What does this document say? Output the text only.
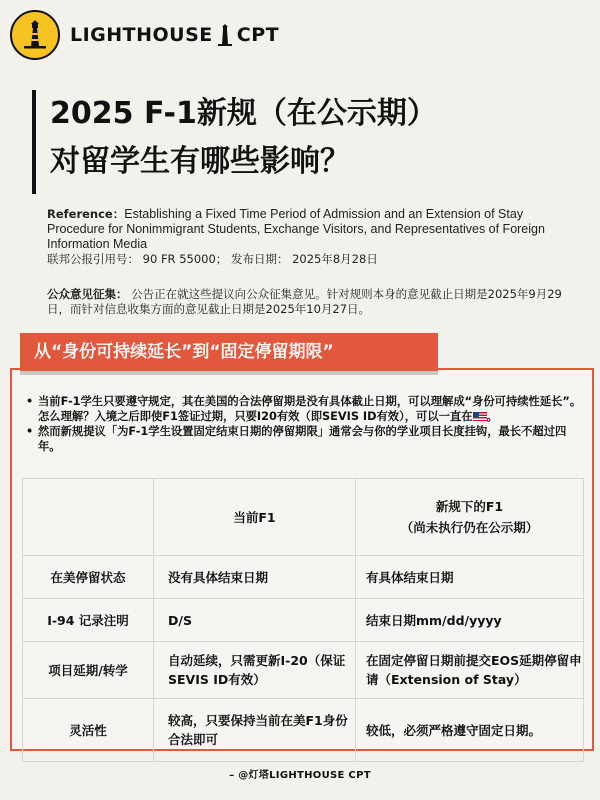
LIGHTHOUSE CPT
2025 F-1新规（在公示期）
对留学生有哪些影响？
Reference：Establishing a Fixed Time Period of Admission and an Extension of Stay Procedure for Nonimmigrant Students, Exchange Visitors, and Representatives of Foreign Information Media
联邦公报引用号： 90 FR 55000； 发布日期： 2025年8月28日
公众意见征集： 公告正在就这些提议向公众征集意见。针对规则本身的意见截止日期是2025年9月29日，而针对信息收集方面的意见截止日期是2025年10月27日。
• 当前F-1学生只要遵守规定，其在美国的合法停留期是没有具体截止日期，可以理解成“身份可持续性延长”。怎么理解？入境之后即使F1签证过期，只要I20有效（即SEVIS ID有效），可以一直在 。
• 然而新规提议「为F-1学生设置固定结束日期的停留期限」通常会与你的学业项目长度挂钩，最长不超过四年。
	当前F1	新规下的F1
（尚未执行仍在公示期）

在美停留状态	没有具体结束日期	有具体结束日期
I-94 记录注明	D/S	结束日期mm/dd/yyyy
项目延期/转学	自动延续，只需更新I-20（保证SEVIS ID有效）	在固定停留日期前提交EOS延期停留申请（Extension of Stay）
灵活性	较高，只要保持当前在美F1身份合法即可	较低，必须严格遵守固定日期。
从“身份可持续延长”到“固定停留期限”
– @灯塔LIGHTHOUSE CPT
